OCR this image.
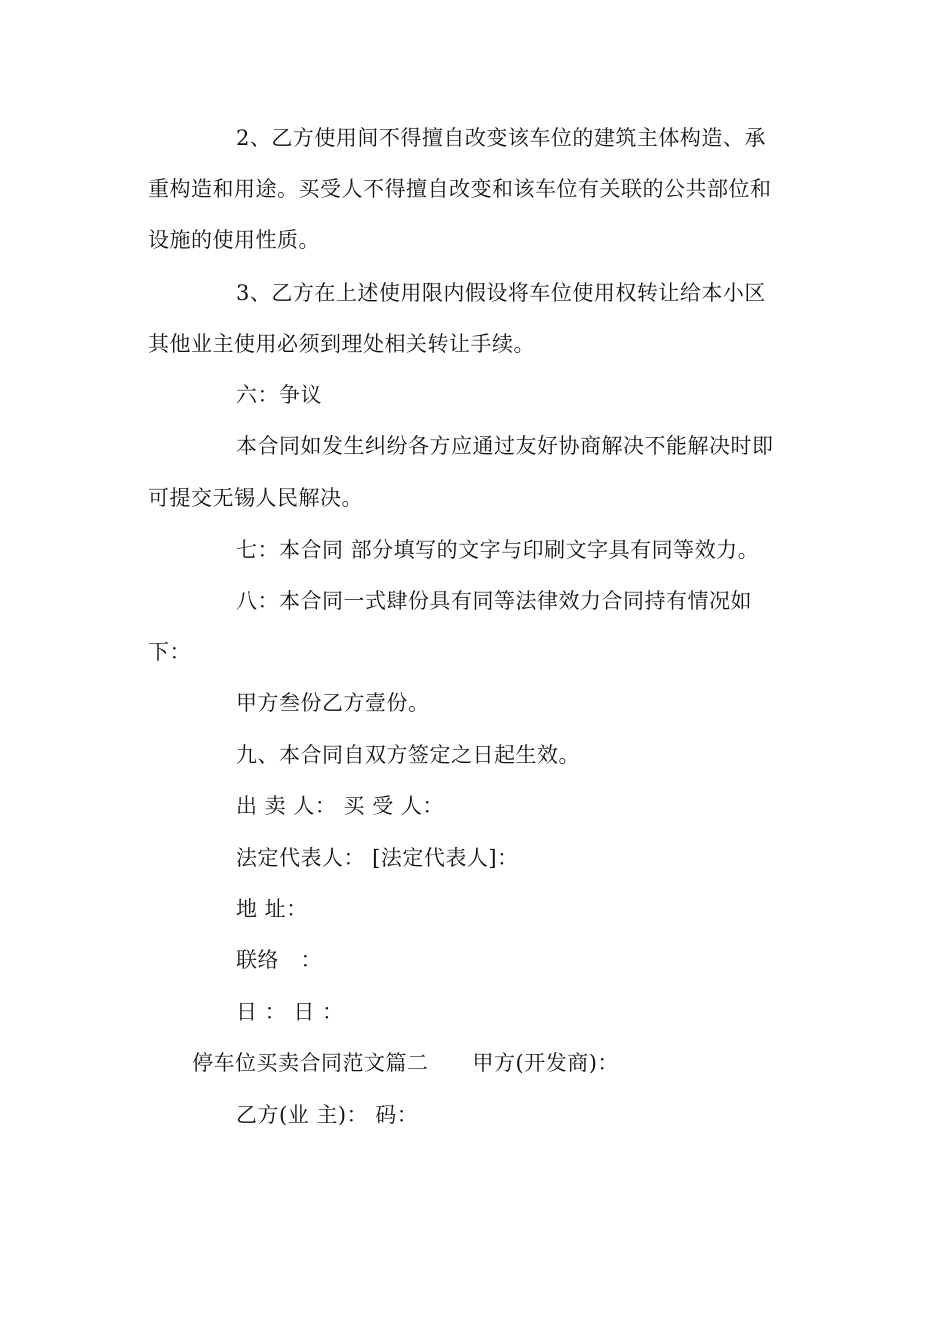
2、乙方使用间不得擅自改变该车位的建筑主体构造、承
重构造和用途。买受人不得擅自改变和该车位有关联的公共部位和
设施的使用性质。
3、乙方在上述使用限内假设将车位使用权转让给本小区
其他业主使用必须到理处相关转让手续。
六：争议
本合同如发生纠纷各方应通过友好协商解决不能解决时即
可提交无锡人民解决。
七：本合同 部分填写的文字与印刷文字具有同等效力。
八：本合同一式肆份具有同等法律效力合同持有情况如
下：
甲方叁份乙方壹份。
九、本合同自双方签定之日起生效。
出 卖 人： 买 受 人：
法定代表人： [法定代表人]：
地 址：
联络　：
日 ： 日 ：
停车位买卖合同范文篇二 甲方(开发商)：
乙方(业 主)： 码：
